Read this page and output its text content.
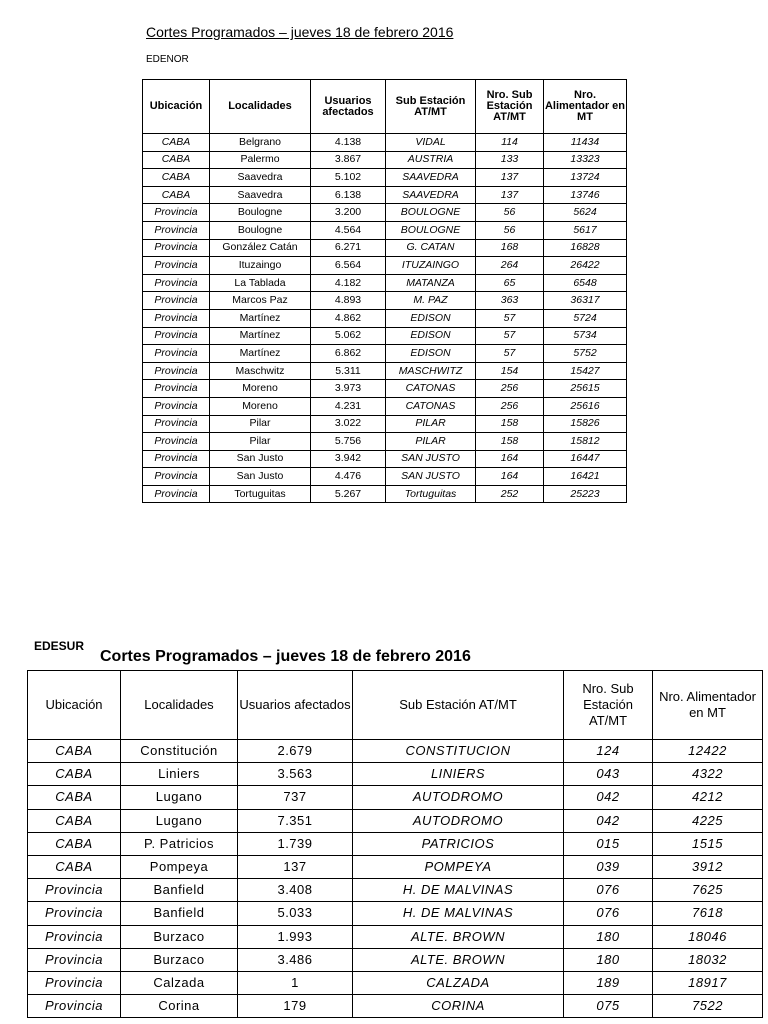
Cortes Programados – jueves 18 de febrero 2016
EDENOR
Ubicación	Localidades	Usuarios afectados	Sub Estación AT/MT	Nro. Sub Estación AT/MT	Nro. Alimentador en MT
CABA	Belgrano	4.138	VIDAL	114	11434
CABA	Palermo	3.867	AUSTRIA	133	13323
CABA	Saavedra	5.102	SAAVEDRA	137	13724
CABA	Saavedra	6.138	SAAVEDRA	137	13746
Provincia	Boulogne	3.200	BOULOGNE	56	5624
Provincia	Boulogne	4.564	BOULOGNE	56	5617
Provincia	González Catán	6.271	G. CATAN	168	16828
Provincia	Ituzaingo	6.564	ITUZAINGO	264	26422
Provincia	La Tablada	4.182	MATANZA	65	6548
Provincia	Marcos Paz	4.893	M. PAZ	363	36317
Provincia	Martínez	4.862	EDISON	57	5724
Provincia	Martínez	5.062	EDISON	57	5734
Provincia	Martínez	6.862	EDISON	57	5752
Provincia	Maschwitz	5.311	MASCHWITZ	154	15427
Provincia	Moreno	3.973	CATONAS	256	25615
Provincia	Moreno	4.231	CATONAS	256	25616
Provincia	Pilar	3.022	PILAR	158	15826
Provincia	Pilar	5.756	PILAR	158	15812
Provincia	San Justo	3.942	SAN JUSTO	164	16447
Provincia	San Justo	4.476	SAN JUSTO	164	16421
Provincia	Tortuguitas	5.267	Tortuguitas	252	25223
EDESUR
Cortes Programados – jueves 18 de febrero 2016
Ubicación	Localidades	Usuarios afectados	Sub Estación AT/MT	Nro. Sub Estación AT/MT	Nro. Alimentador en MT
CABA	Constitución	2.679	CONSTITUCION	124	12422
CABA	Liniers	3.563	LINIERS	043	4322
CABA	Lugano	737	AUTODROMO	042	4212
CABA	Lugano	7.351	AUTODROMO	042	4225
CABA	P. Patricios	1.739	PATRICIOS	015	1515
CABA	Pompeya	137	POMPEYA	039	3912
Provincia	Banfield	3.408	H. DE MALVINAS	076	7625
Provincia	Banfield	5.033	H. DE MALVINAS	076	7618
Provincia	Burzaco	1.993	ALTE. BROWN	180	18046
Provincia	Burzaco	3.486	ALTE. BROWN	180	18032
Provincia	Calzada	1	CALZADA	189	18917
Provincia	Corina	179	CORINA	075	7522
